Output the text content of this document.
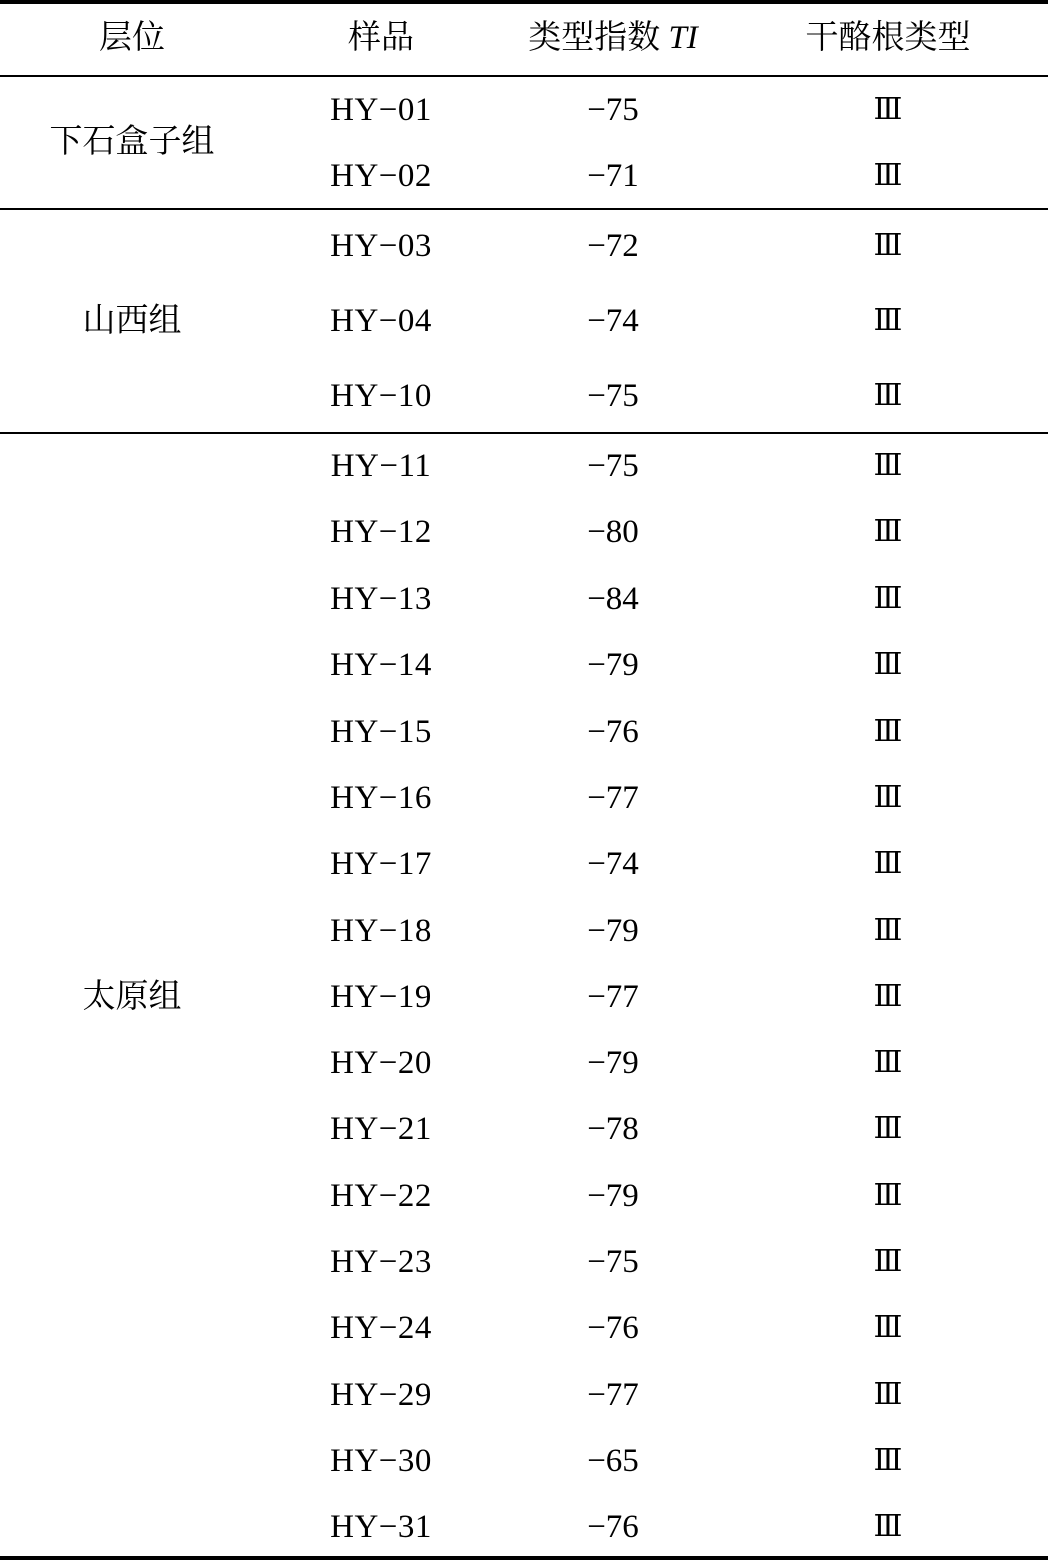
层位	样品	类型指数 TI	干酪根类型
下石盒子组
HY−01	−75	Ⅲ
HY−02	−71	Ⅲ
山西组
HY−03	−72	Ⅲ
HY−04	−74	Ⅲ
HY−10	−75	Ⅲ
太原组
HY−11	−75	Ⅲ
HY−12	−80	Ⅲ
HY−13	−84	Ⅲ
HY−14	−79	Ⅲ
HY−15	−76	Ⅲ
HY−16	−77	Ⅲ
HY−17	−74	Ⅲ
HY−18	−79	Ⅲ
HY−19	−77	Ⅲ
HY−20	−79	Ⅲ
HY−21	−78	Ⅲ
HY−22	−79	Ⅲ
HY−23	−75	Ⅲ
HY−24	−76	Ⅲ
HY−29	−77	Ⅲ
HY−30	−65	Ⅲ
HY−31	−76	Ⅲ
